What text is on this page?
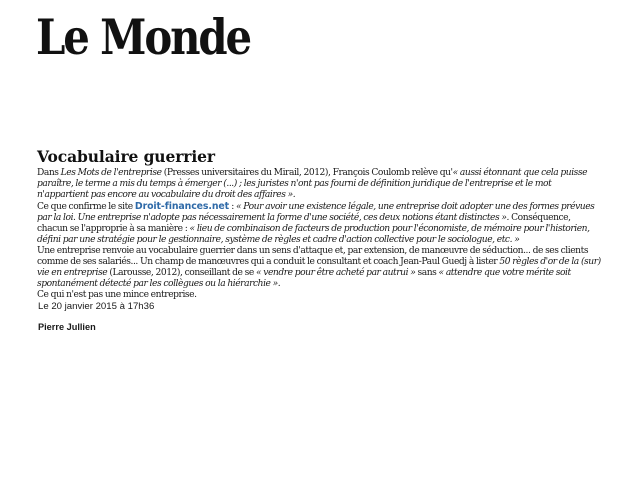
Le Monde
Vocabulaire guerrier

Dans Les Mots de l'entreprise (Presses universitaires du Mirail, 2012), François Coulomb relève qu'« aussi étonnant que cela puisse paraître, le terme a mis du temps à émerger (...) ; les juristes n'ont pas fourni de définition juridique de l'entreprise et le mot n'appartient pas encore au vocabulaire du droit des affaires ».

Ce que confirme le site Droit-finances.net : « Pour avoir une existence légale, une entreprise doit adopter une des formes prévues par la loi. Une entreprise n'adopte pas nécessairement la forme d'une société, ces deux notions étant distinctes ». Conséquence, chacun se l'approprie à sa manière : « lieu de combinaison de facteurs de production pour l'économiste, de mémoire pour l'historien, défini par une stratégie pour le gestionnaire, système de règles et cadre d'action collective pour le sociologue, etc. »

Une entreprise renvoie au vocabulaire guerrier dans un sens d'attaque et, par extension, de manœuvre de séduction... de ses clients comme de ses salariés... Un champ de manœuvres qui a conduit le consultant et coach Jean-Paul Guedj à lister 50 règles d'or de la (sur) vie en entreprise (Larousse, 2012), conseillant de se « vendre pour être acheté par autrui » sans « attendre que votre mérite soit spontanément détecté par les collègues ou la hiérarchie ».

Ce qui n'est pas une mince entreprise.

Le 20 janvier 2015 à 17h36
Pierre Jullien
